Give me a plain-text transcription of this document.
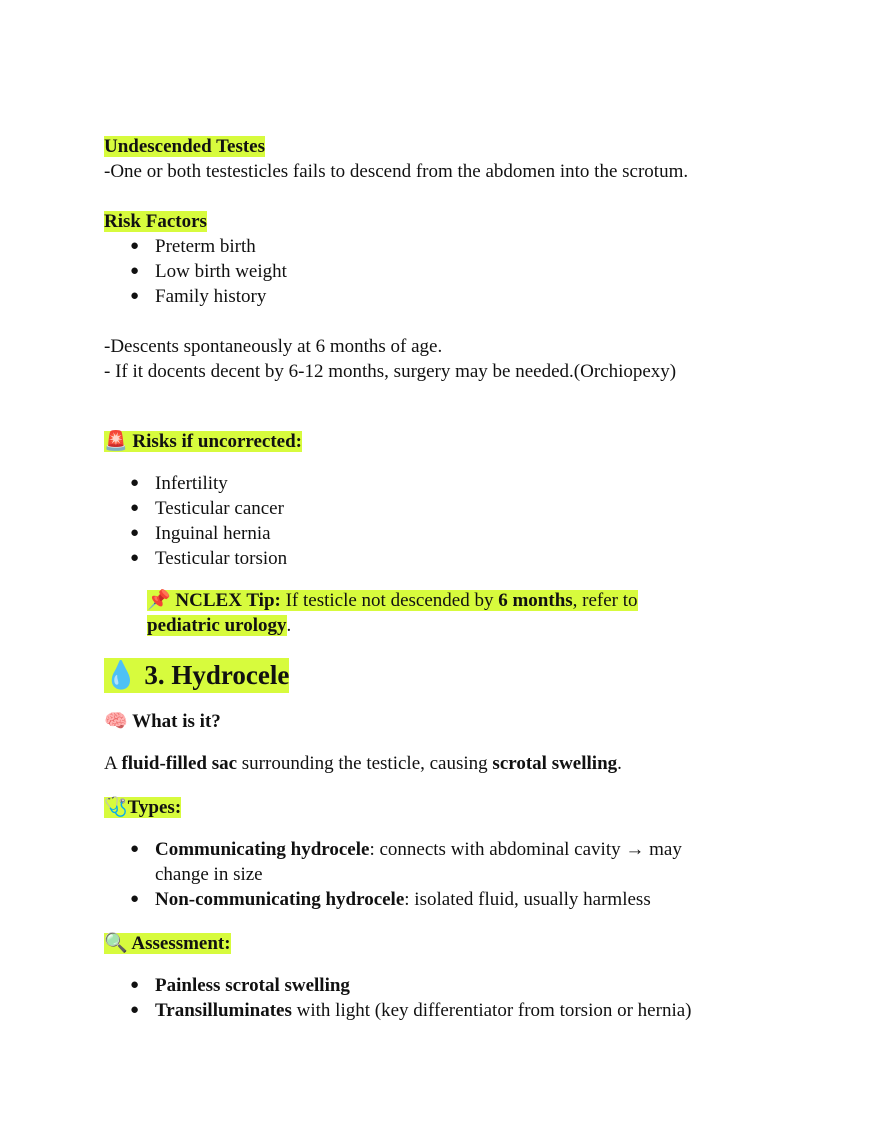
Undescended Testes

-One or both testesticles fails to descend from the abdomen into the scrotum.

Risk Factors

● Preterm birth
● Low birth weight
● Family history

-Descents spontaneously at 6 months of age.

- If it docents decent by 6-12 months, surgery may be needed.(Orchiopexy)

🚨 Risks if uncorrected:

● Infertility
● Testicular cancer
● Inguinal hernia
● Testicular torsion

📌 NCLEX Tip: If testicle not descended by 6 months, refer to

pediatric urology.

💧 3. Hydrocele

🧠 What is it?

A fluid-filled sac surrounding the testicle, causing scrotal swelling.

🩺Types:

● Communicating hydrocele: connects with abdominal cavity → may
change in size
● Non-communicating hydrocele: isolated fluid, usually harmless

🔍 Assessment:

● Painless scrotal swelling
● Transilluminates with light (key differentiator from torsion or hernia)
